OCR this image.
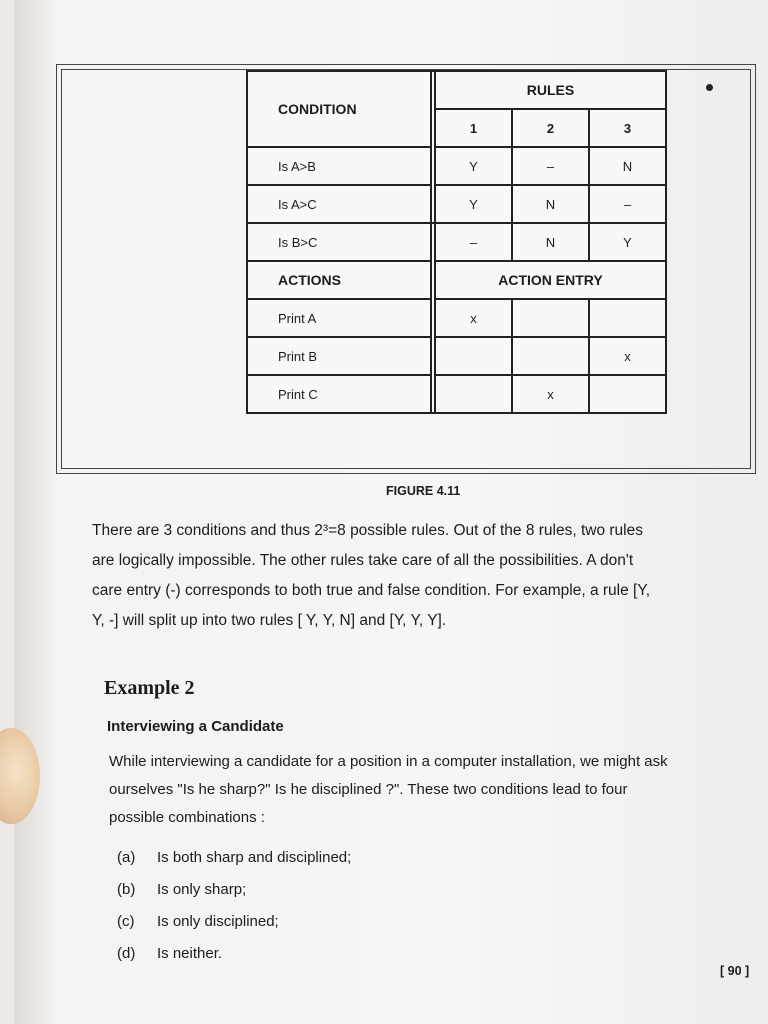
CONDITION		RULES		
		1	2	3
Is A>B		Y	–	N
Is A>C		Y	N	–
Is B>C		–	N	Y
ACTIONS		ACTION ENTRY		
Print A		x		
Print B				x
Print C			x	
FIGURE 4.11

There are 3 conditions and thus 2³=8 possible rules. Out of the 8 rules, two rules

are logically impossible. The other rules take care of all the possibilities. A don't

care entry (-) corresponds to both true and false condition. For example, a rule [Y,

Y, -] will split up into two rules [ Y, Y, N] and [Y, Y, Y].

Example 2
Interviewing a Candidate

While interviewing a candidate for a position in a computer installation, we might ask

ourselves "Is he sharp?" Is he disciplined ?". These two conditions lead to four

possible combinations :

(a)	Is both sharp and disciplined;
(b)	Is only sharp;
(c)	Is only disciplined;
(d)	Is neither.
[ 90 ]
